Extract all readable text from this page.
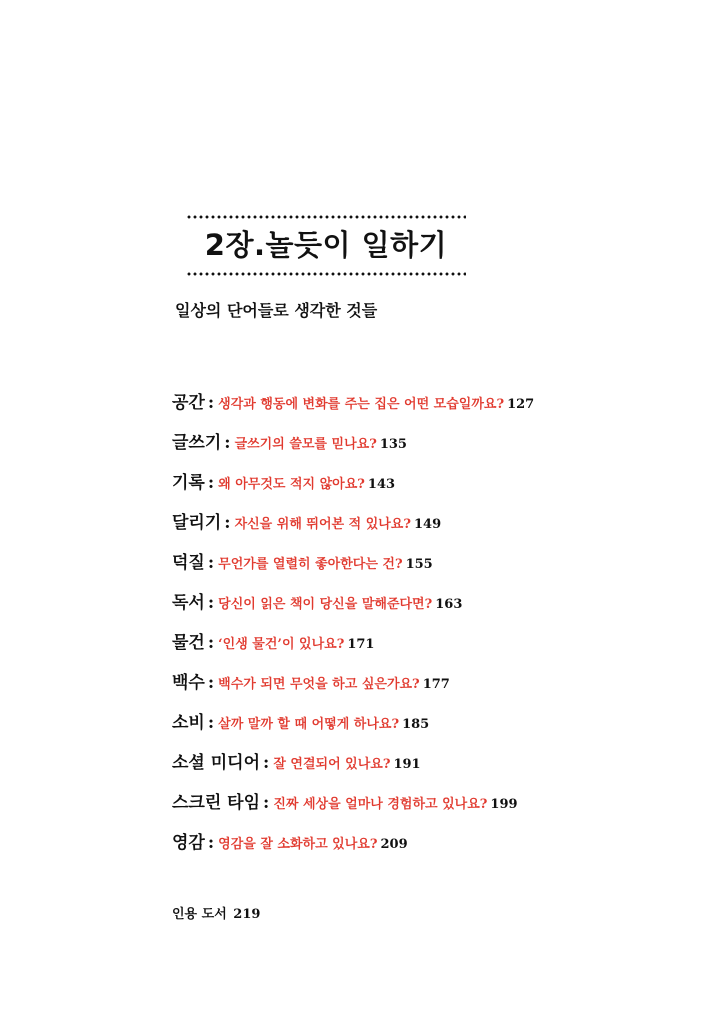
2장.놀듯이 일하기
일상의 단어들로 생각한 것들
공간 : 생각과 행동에 변화를 주는 집은 어떤 모습일까요? 127
글쓰기 : 글쓰기의 쓸모를 믿나요? 135
기록 : 왜 아무것도 적지 않아요? 143
달리기 : 자신을 위해 뛰어본 적 있나요? 149
덕질 : 무언가를 열렬히 좋아한다는 건? 155
독서 : 당신이 읽은 책이 당신을 말해준다면? 163
물건 : ‘인생 물건’이 있나요? 171
백수 : 백수가 되면 무엇을 하고 싶은가요? 177
소비 : 살까 말까 할 때 어떻게 하나요? 185
소셜 미디어 : 잘 연결되어 있나요? 191
스크린 타임 : 진짜 세상을 얼마나 경험하고 있나요? 199
영감 : 영감을 잘 소화하고 있나요? 209
인용 도서 219
